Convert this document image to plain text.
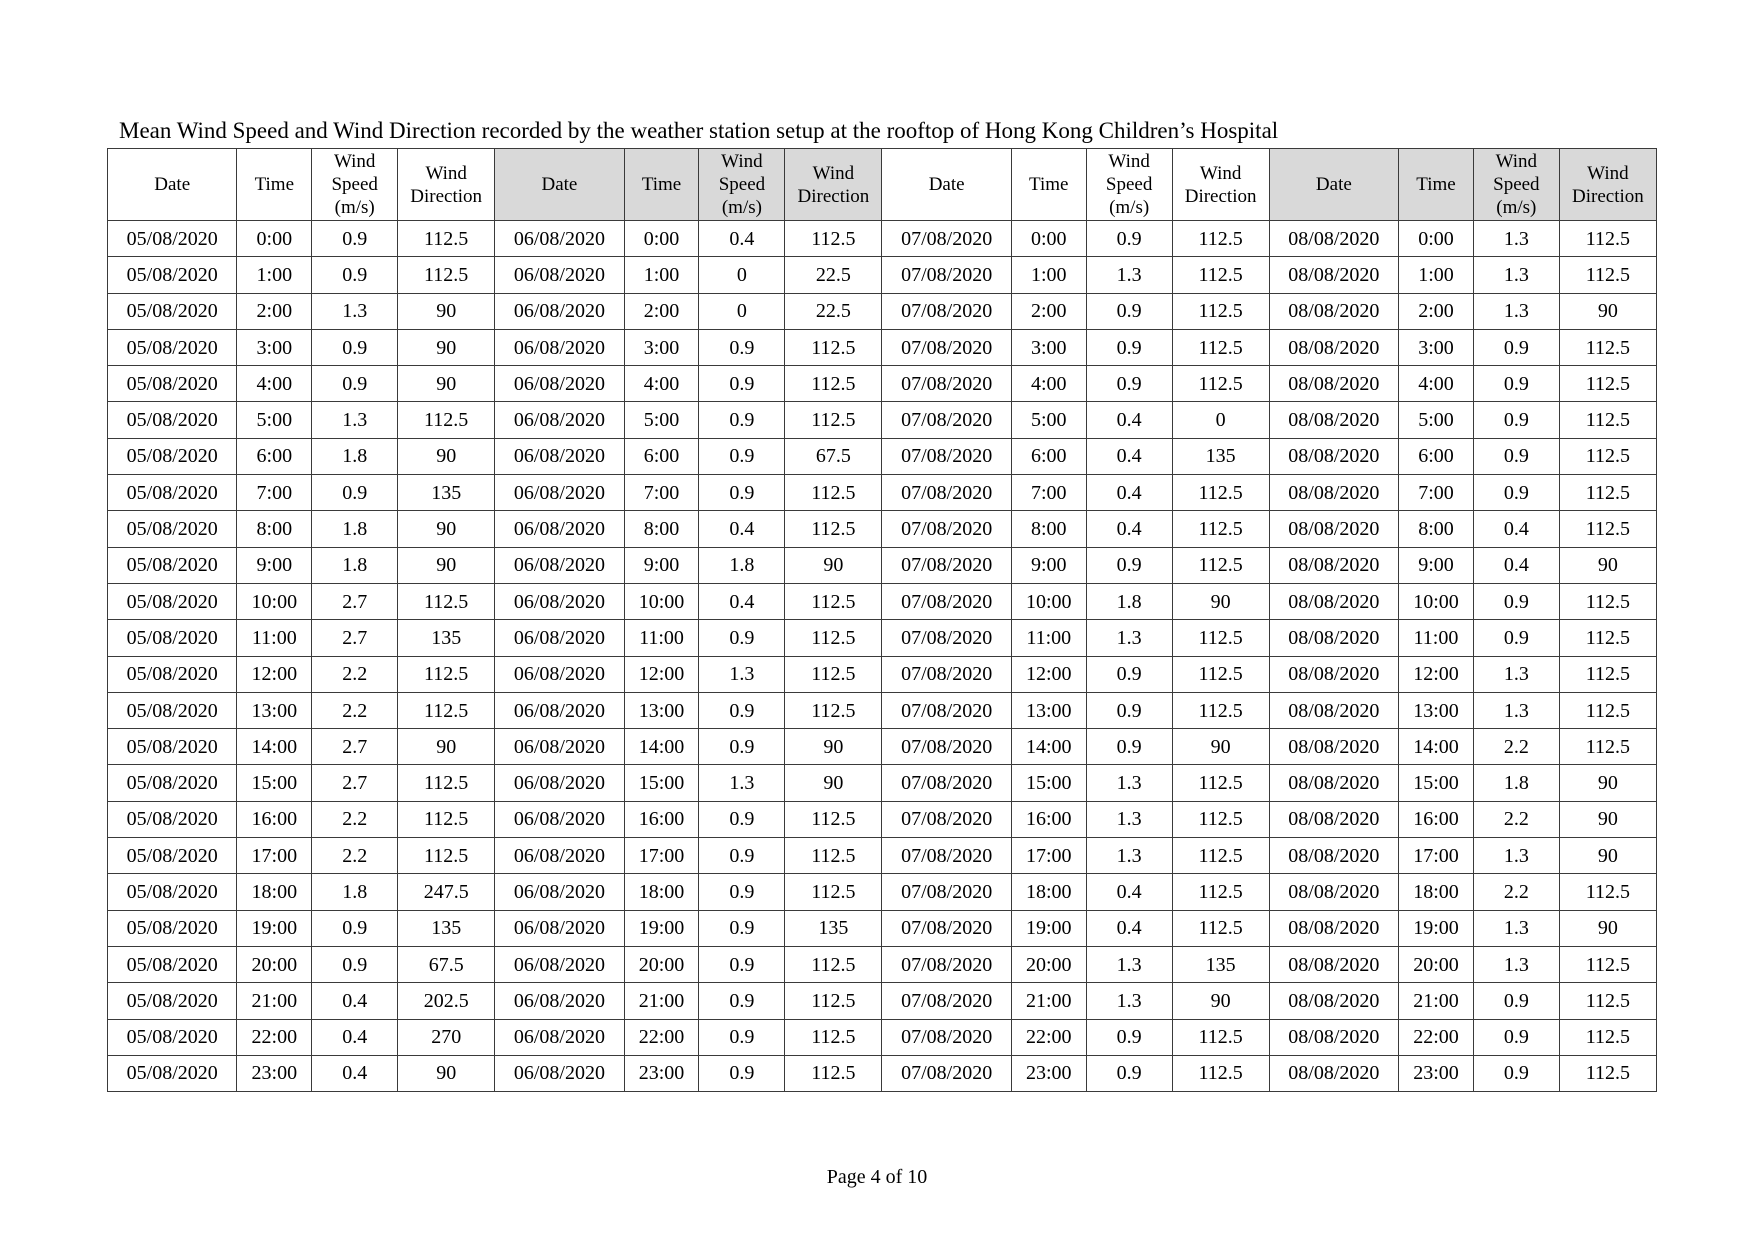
Mean Wind Speed and Wind Direction recorded by the weather station setup at the rooftop of Hong Kong Children’s Hospital
Date	Time	Wind
Speed
(m/s)	Wind
Direction	Date	Time	Wind
Speed
(m/s)	Wind
Direction	Date	Time	Wind
Speed
(m/s)	Wind
Direction	Date	Time	Wind
Speed
(m/s)	Wind
Direction
05/08/2020	0:00	0.9	112.5	06/08/2020	0:00	0.4	112.5	07/08/2020	0:00	0.9	112.5	08/08/2020	0:00	1.3	112.5
05/08/2020	1:00	0.9	112.5	06/08/2020	1:00	0	22.5	07/08/2020	1:00	1.3	112.5	08/08/2020	1:00	1.3	112.5
05/08/2020	2:00	1.3	90	06/08/2020	2:00	0	22.5	07/08/2020	2:00	0.9	112.5	08/08/2020	2:00	1.3	90
05/08/2020	3:00	0.9	90	06/08/2020	3:00	0.9	112.5	07/08/2020	3:00	0.9	112.5	08/08/2020	3:00	0.9	112.5
05/08/2020	4:00	0.9	90	06/08/2020	4:00	0.9	112.5	07/08/2020	4:00	0.9	112.5	08/08/2020	4:00	0.9	112.5
05/08/2020	5:00	1.3	112.5	06/08/2020	5:00	0.9	112.5	07/08/2020	5:00	0.4	0	08/08/2020	5:00	0.9	112.5
05/08/2020	6:00	1.8	90	06/08/2020	6:00	0.9	67.5	07/08/2020	6:00	0.4	135	08/08/2020	6:00	0.9	112.5
05/08/2020	7:00	0.9	135	06/08/2020	7:00	0.9	112.5	07/08/2020	7:00	0.4	112.5	08/08/2020	7:00	0.9	112.5
05/08/2020	8:00	1.8	90	06/08/2020	8:00	0.4	112.5	07/08/2020	8:00	0.4	112.5	08/08/2020	8:00	0.4	112.5
05/08/2020	9:00	1.8	90	06/08/2020	9:00	1.8	90	07/08/2020	9:00	0.9	112.5	08/08/2020	9:00	0.4	90
05/08/2020	10:00	2.7	112.5	06/08/2020	10:00	0.4	112.5	07/08/2020	10:00	1.8	90	08/08/2020	10:00	0.9	112.5
05/08/2020	11:00	2.7	135	06/08/2020	11:00	0.9	112.5	07/08/2020	11:00	1.3	112.5	08/08/2020	11:00	0.9	112.5
05/08/2020	12:00	2.2	112.5	06/08/2020	12:00	1.3	112.5	07/08/2020	12:00	0.9	112.5	08/08/2020	12:00	1.3	112.5
05/08/2020	13:00	2.2	112.5	06/08/2020	13:00	0.9	112.5	07/08/2020	13:00	0.9	112.5	08/08/2020	13:00	1.3	112.5
05/08/2020	14:00	2.7	90	06/08/2020	14:00	0.9	90	07/08/2020	14:00	0.9	90	08/08/2020	14:00	2.2	112.5
05/08/2020	15:00	2.7	112.5	06/08/2020	15:00	1.3	90	07/08/2020	15:00	1.3	112.5	08/08/2020	15:00	1.8	90
05/08/2020	16:00	2.2	112.5	06/08/2020	16:00	0.9	112.5	07/08/2020	16:00	1.3	112.5	08/08/2020	16:00	2.2	90
05/08/2020	17:00	2.2	112.5	06/08/2020	17:00	0.9	112.5	07/08/2020	17:00	1.3	112.5	08/08/2020	17:00	1.3	90
05/08/2020	18:00	1.8	247.5	06/08/2020	18:00	0.9	112.5	07/08/2020	18:00	0.4	112.5	08/08/2020	18:00	2.2	112.5
05/08/2020	19:00	0.9	135	06/08/2020	19:00	0.9	135	07/08/2020	19:00	0.4	112.5	08/08/2020	19:00	1.3	90
05/08/2020	20:00	0.9	67.5	06/08/2020	20:00	0.9	112.5	07/08/2020	20:00	1.3	135	08/08/2020	20:00	1.3	112.5
05/08/2020	21:00	0.4	202.5	06/08/2020	21:00	0.9	112.5	07/08/2020	21:00	1.3	90	08/08/2020	21:00	0.9	112.5
05/08/2020	22:00	0.4	270	06/08/2020	22:00	0.9	112.5	07/08/2020	22:00	0.9	112.5	08/08/2020	22:00	0.9	112.5
05/08/2020	23:00	0.4	90	06/08/2020	23:00	0.9	112.5	07/08/2020	23:00	0.9	112.5	08/08/2020	23:00	0.9	112.5
Page 4 of 10
